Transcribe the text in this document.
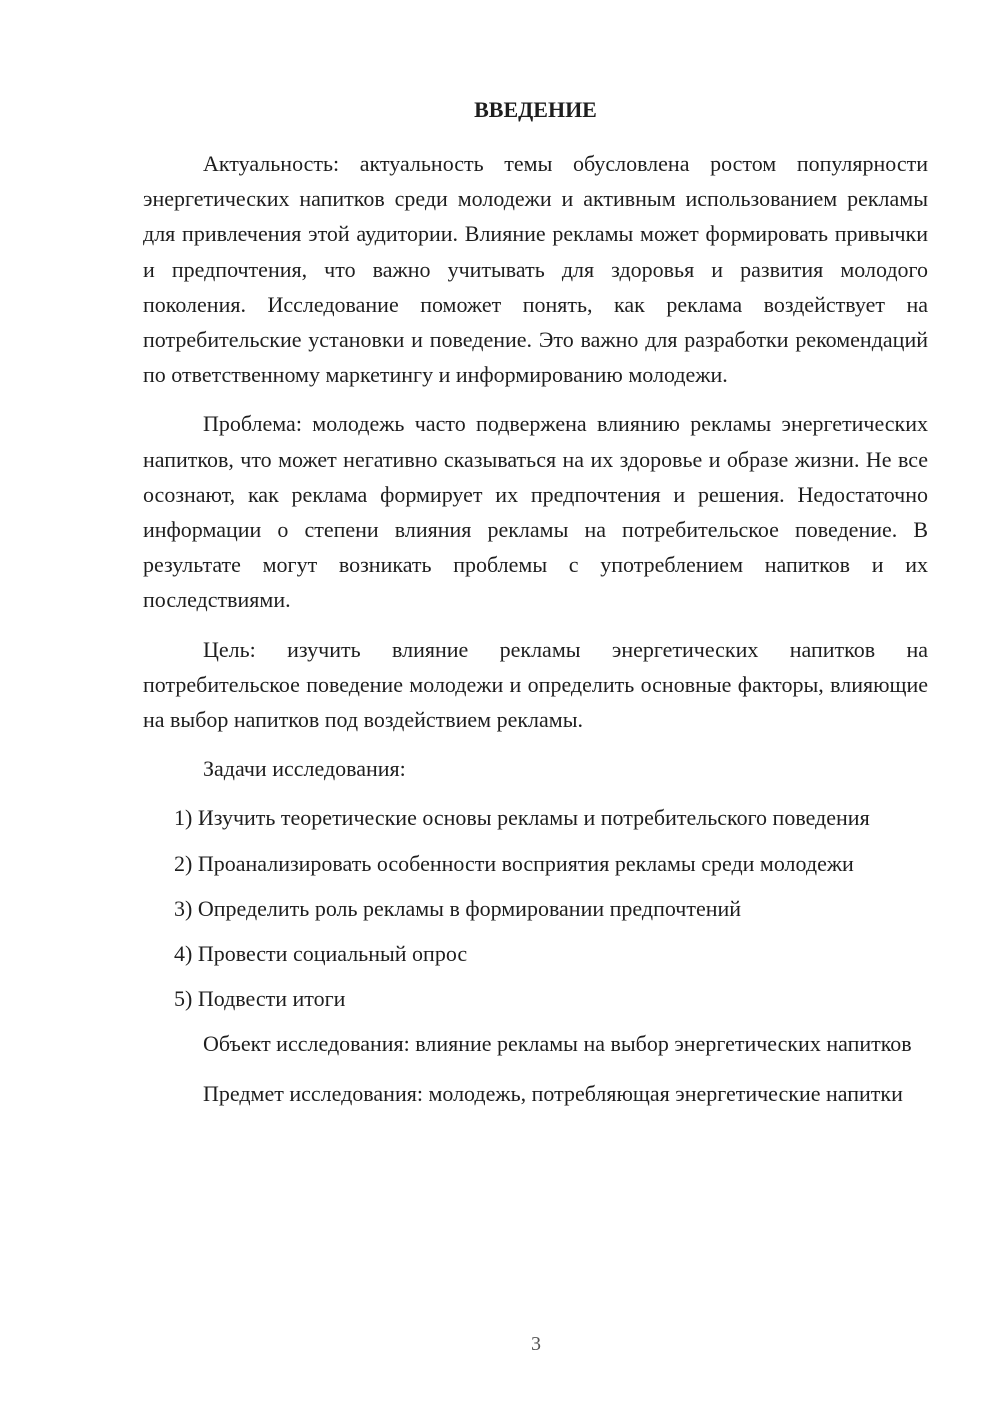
ВВЕДЕНИЕ

Актуальность: актуальность темы обусловлена ростом популярности энергетических напитков среди молодежи и активным использованием рекламы для привлечения этой аудитории. Влияние рекламы может формировать привычки и предпочтения, что важно учитывать для здоровья и развития молодого поколения. Исследование поможет понять, как реклама воздействует на потребительские установки и поведение. Это важно для разработки рекомендаций по ответственному маркетингу и информированию молодежи.

Проблема: молодежь часто подвержена влиянию рекламы энергетических напитков, что может негативно сказываться на их здоровье и образе жизни. Не все осознают, как реклама формирует их предпочтения и решения. Недостаточно информации о степени влияния рекламы на потребительское поведение. В результате могут возникать проблемы с употреблением напитков и их последствиями.

Цель: изучить влияние рекламы энергетических напитков на потребительское поведение молодежи и определить основные факторы, влияющие на выбор напитков под воздействием рекламы.

Задачи исследования:

1) Изучить теоретические основы рекламы и потребительского поведения

2) Проанализировать особенности восприятия рекламы среди молодежи

3) Определить роль рекламы в формировании предпочтений

4) Провести социальный опрос

5) Подвести итоги

Объект исследования: влияние рекламы на выбор энергетических напитков

Предмет исследования: молодежь, потребляющая энергетические напитки

3
